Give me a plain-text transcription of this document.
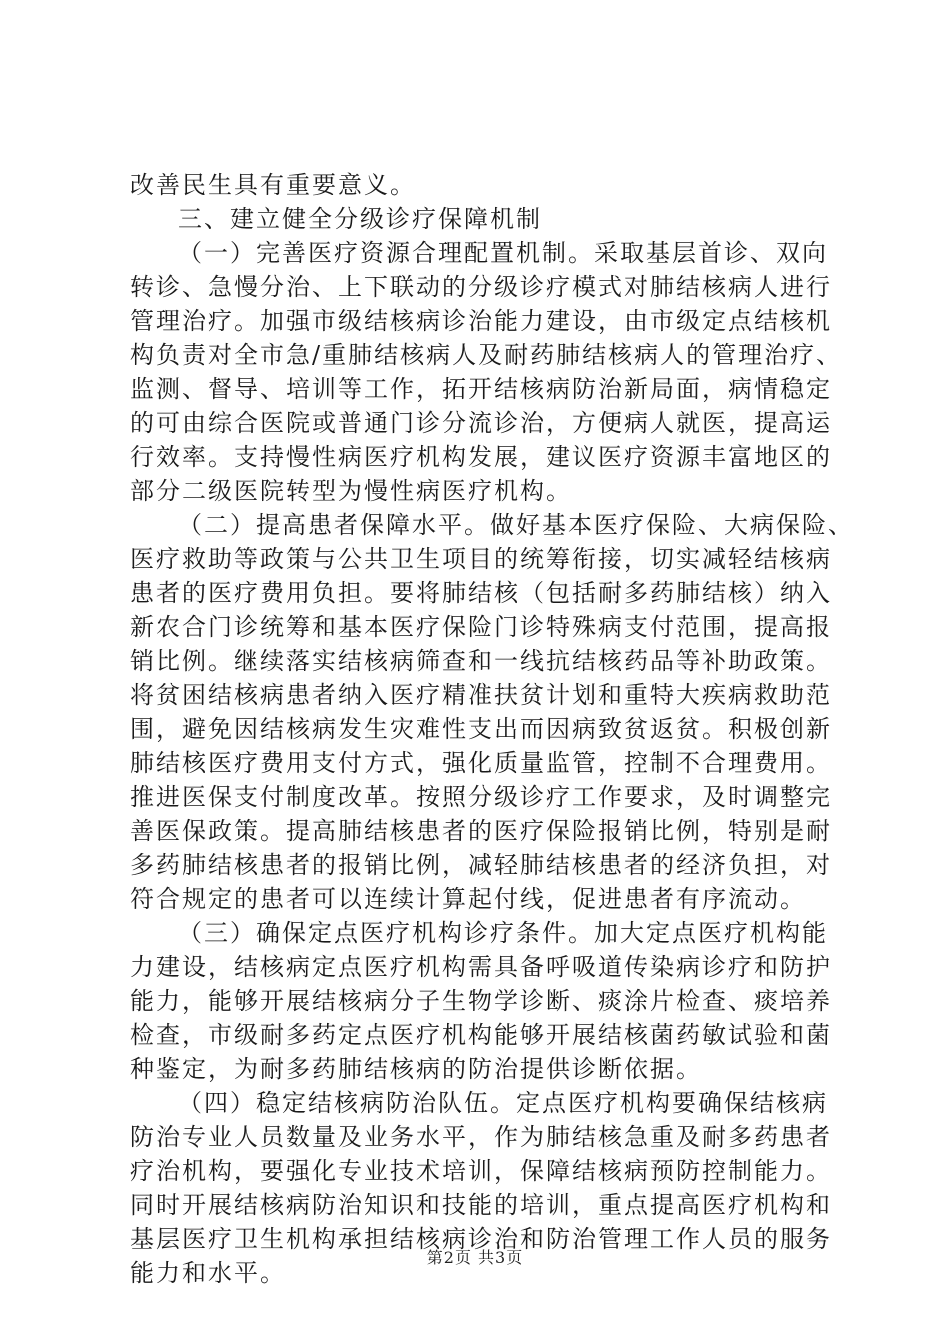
改善民生具有重要意义。
三、建立健全分级诊疗保障机制
（一）完善医疗资源合理配置机制。采取基层首诊、双向
转诊、急慢分治、上下联动的分级诊疗模式对肺结核病人进行
管理治疗。加强市级结核病诊治能力建设，由市级定点结核机
构负责对全市急/重肺结核病人及耐药肺结核病人的管理治疗、
监测、督导、培训等工作，拓开结核病防治新局面，病情稳定
的可由综合医院或普通门诊分流诊治，方便病人就医，提高运
行效率。支持慢性病医疗机构发展，建议医疗资源丰富地区的
部分二级医院转型为慢性病医疗机构。
（二）提高患者保障水平。做好基本医疗保险、大病保险、
医疗救助等政策与公共卫生项目的统筹衔接，切实减轻结核病
患者的医疗费用负担。要将肺结核（包括耐多药肺结核）纳入
新农合门诊统筹和基本医疗保险门诊特殊病支付范围，提高报
销比例。继续落实结核病筛查和一线抗结核药品等补助政策。
将贫困结核病患者纳入医疗精准扶贫计划和重特大疾病救助范
围，避免因结核病发生灾难性支出而因病致贫返贫。积极创新
肺结核医疗费用支付方式，强化质量监管，控制不合理费用。
推进医保支付制度改革。按照分级诊疗工作要求，及时调整完
善医保政策。提高肺结核患者的医疗保险报销比例，特别是耐
多药肺结核患者的报销比例，减轻肺结核患者的经济负担，对
符合规定的患者可以连续计算起付线，促进患者有序流动。
（三）确保定点医疗机构诊疗条件。加大定点医疗机构能
力建设，结核病定点医疗机构需具备呼吸道传染病诊疗和防护
能力，能够开展结核病分子生物学诊断、痰涂片检查、痰培养
检查，市级耐多药定点医疗机构能够开展结核菌药敏试验和菌
种鉴定，为耐多药肺结核病的防治提供诊断依据。
（四）稳定结核病防治队伍。定点医疗机构要确保结核病
防治专业人员数量及业务水平，作为肺结核急重及耐多药患者
疗治机构，要强化专业技术培训，保障结核病预防控制能力。
同时开展结核病防治知识和技能的培训，重点提高医疗机构和
基层医疗卫生机构承担结核病诊治和防治管理工作人员的服务
能力和水平。
第2页 共3页
